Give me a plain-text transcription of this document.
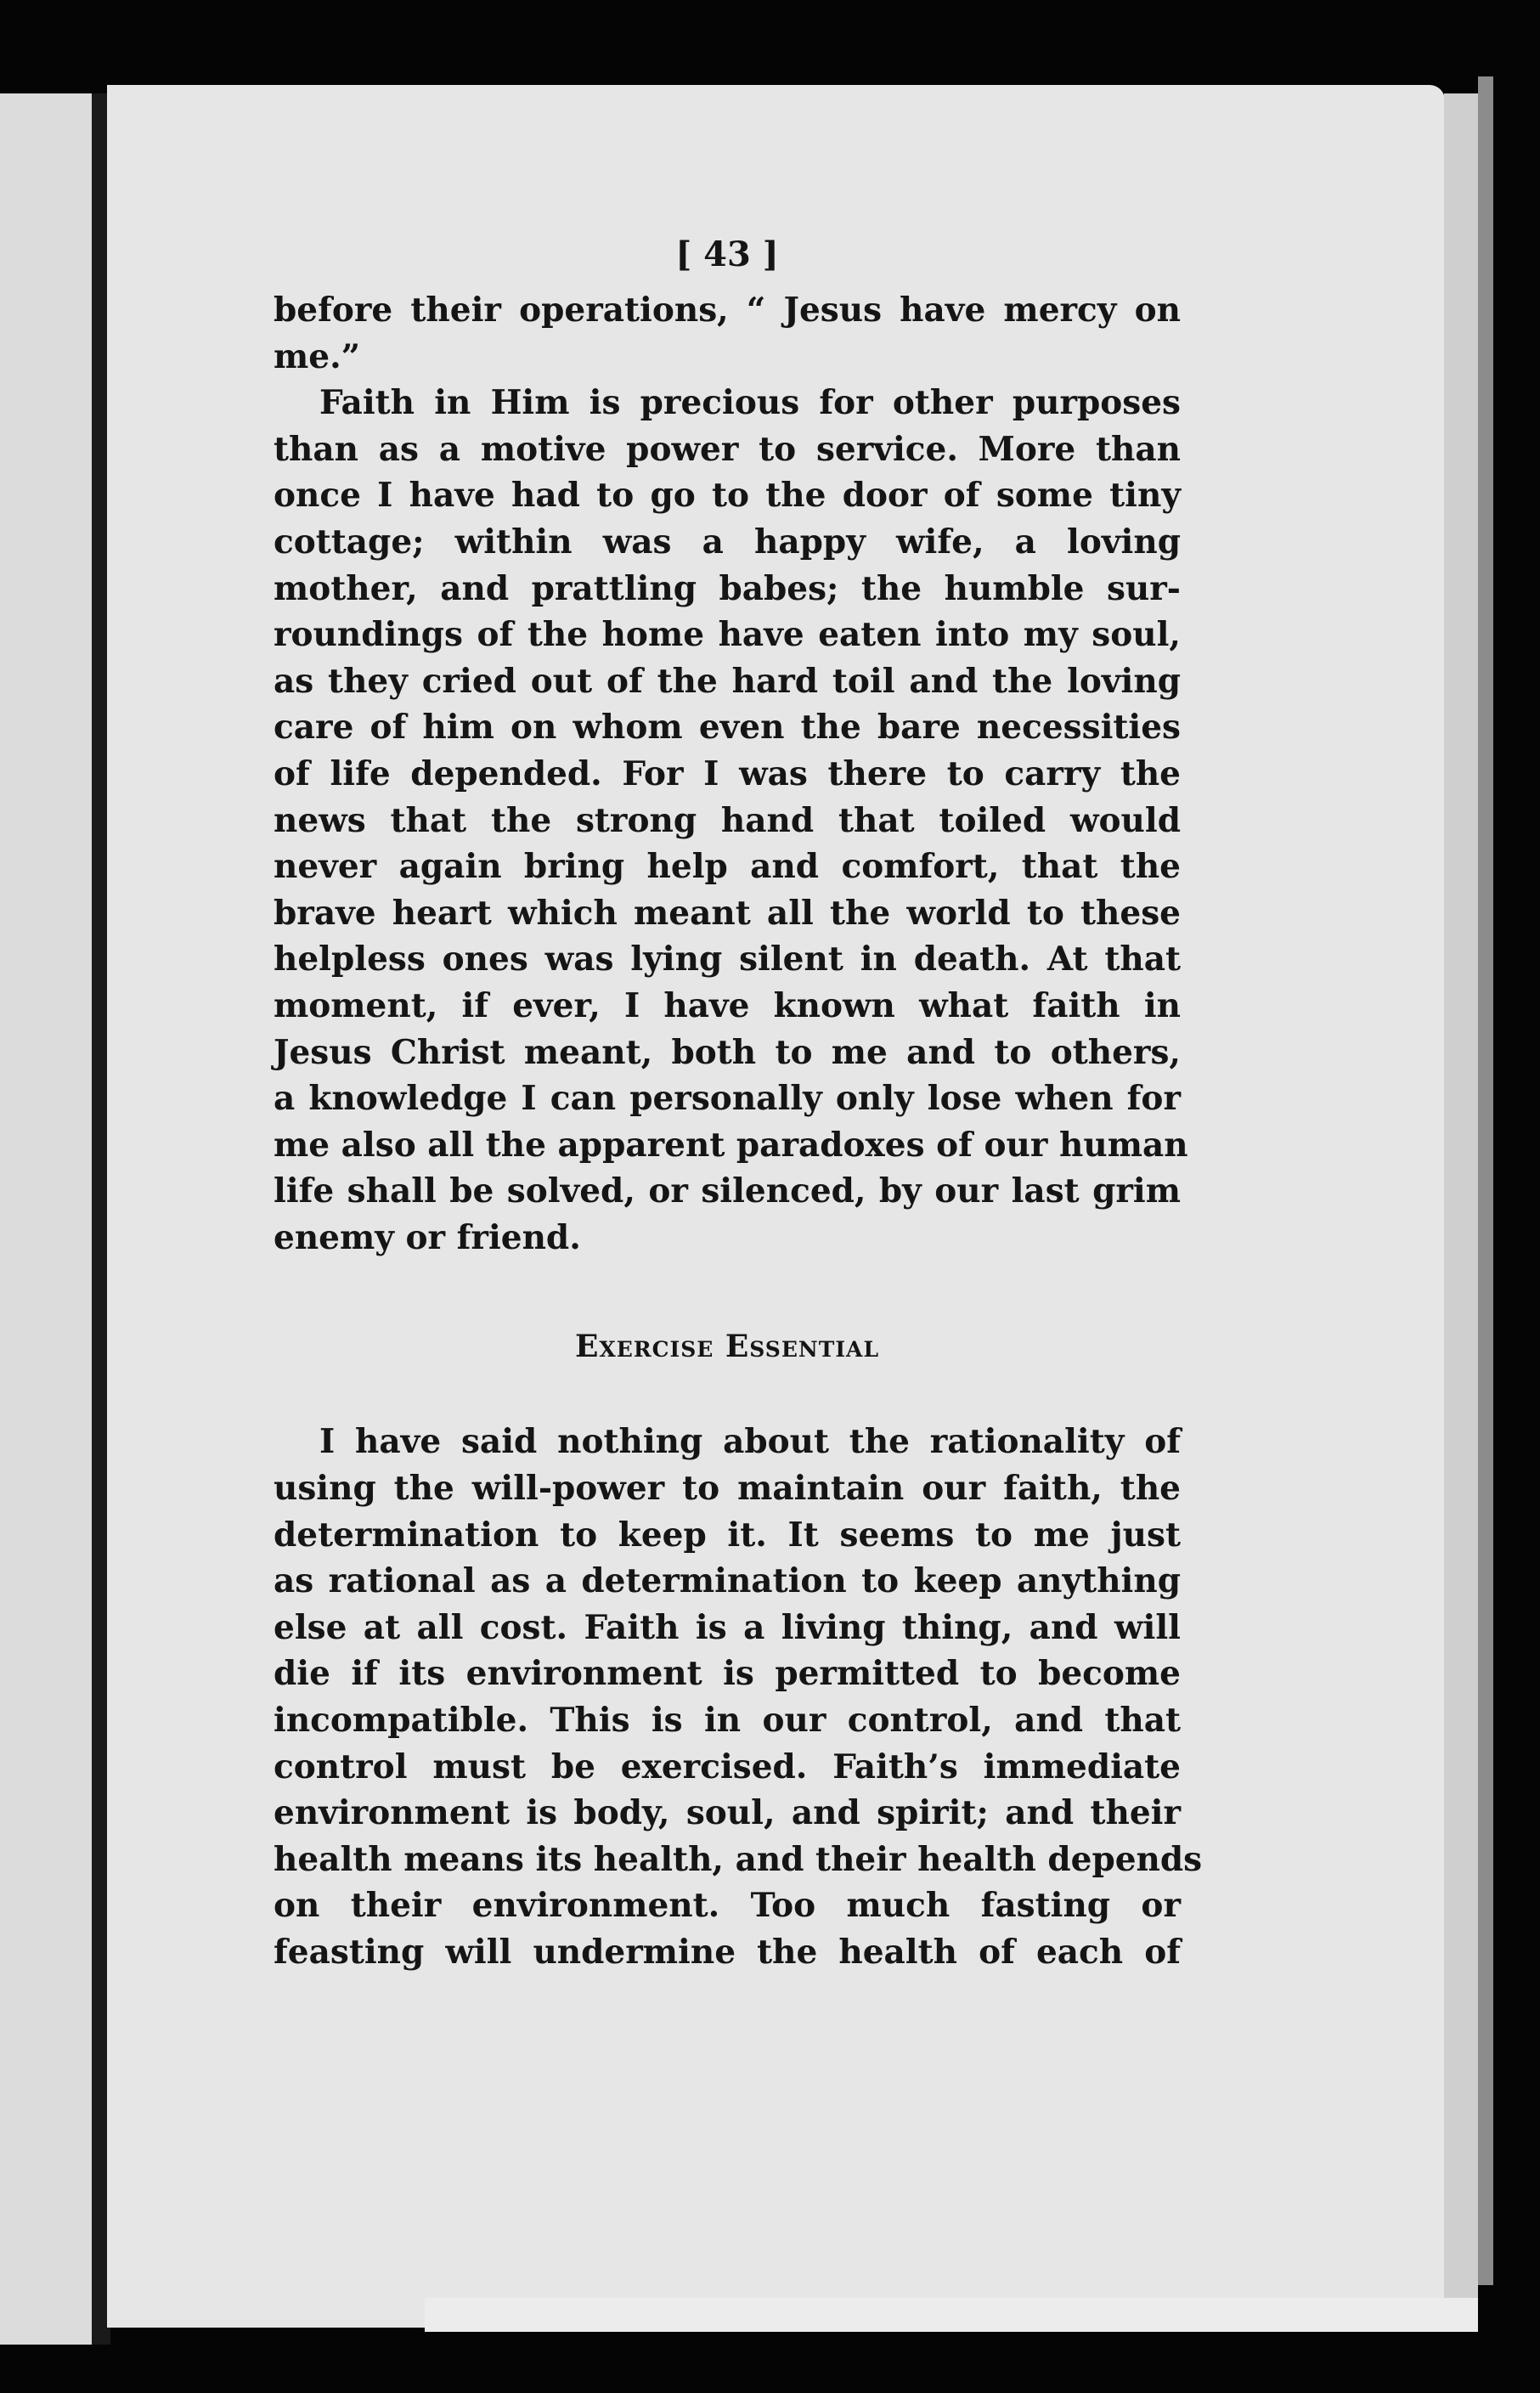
[ 43 ]
before their operations, “ Jesus have mercy on
me.”
Faith in Him is precious for other purposes
than as a motive power to service. More than
once I have had to go to the door of some tiny
cottage; within was a happy wife, a loving
mother, and prattling babes; the humble sur-
roundings of the home have eaten into my soul,
as they cried out of the hard toil and the loving
care of him on whom even the bare necessities
of life depended. For I was there to carry the
news that the strong hand that toiled would
never again bring help and comfort, that the
brave heart which meant all the world to these
helpless ones was lying silent in death. At that
moment, if ever, I have known what faith in
Jesus Christ meant, both to me and to others,
a knowledge I can personally only lose when for
me also all the apparent paradoxes of our human
life shall be solved, or silenced, by our last grim
enemy or friend.
Exercise Essential
I have said nothing about the rationality of
using the will-power to maintain our faith, the
determination to keep it. It seems to me just
as rational as a determination to keep anything
else at all cost. Faith is a living thing, and will
die if its environment is permitted to become
incompatible. This is in our control, and that
control must be exercised. Faith’s immediate
environment is body, soul, and spirit; and their
health means its health, and their health depends
on their environment. Too much fasting or
feasting will undermine the health of each of
